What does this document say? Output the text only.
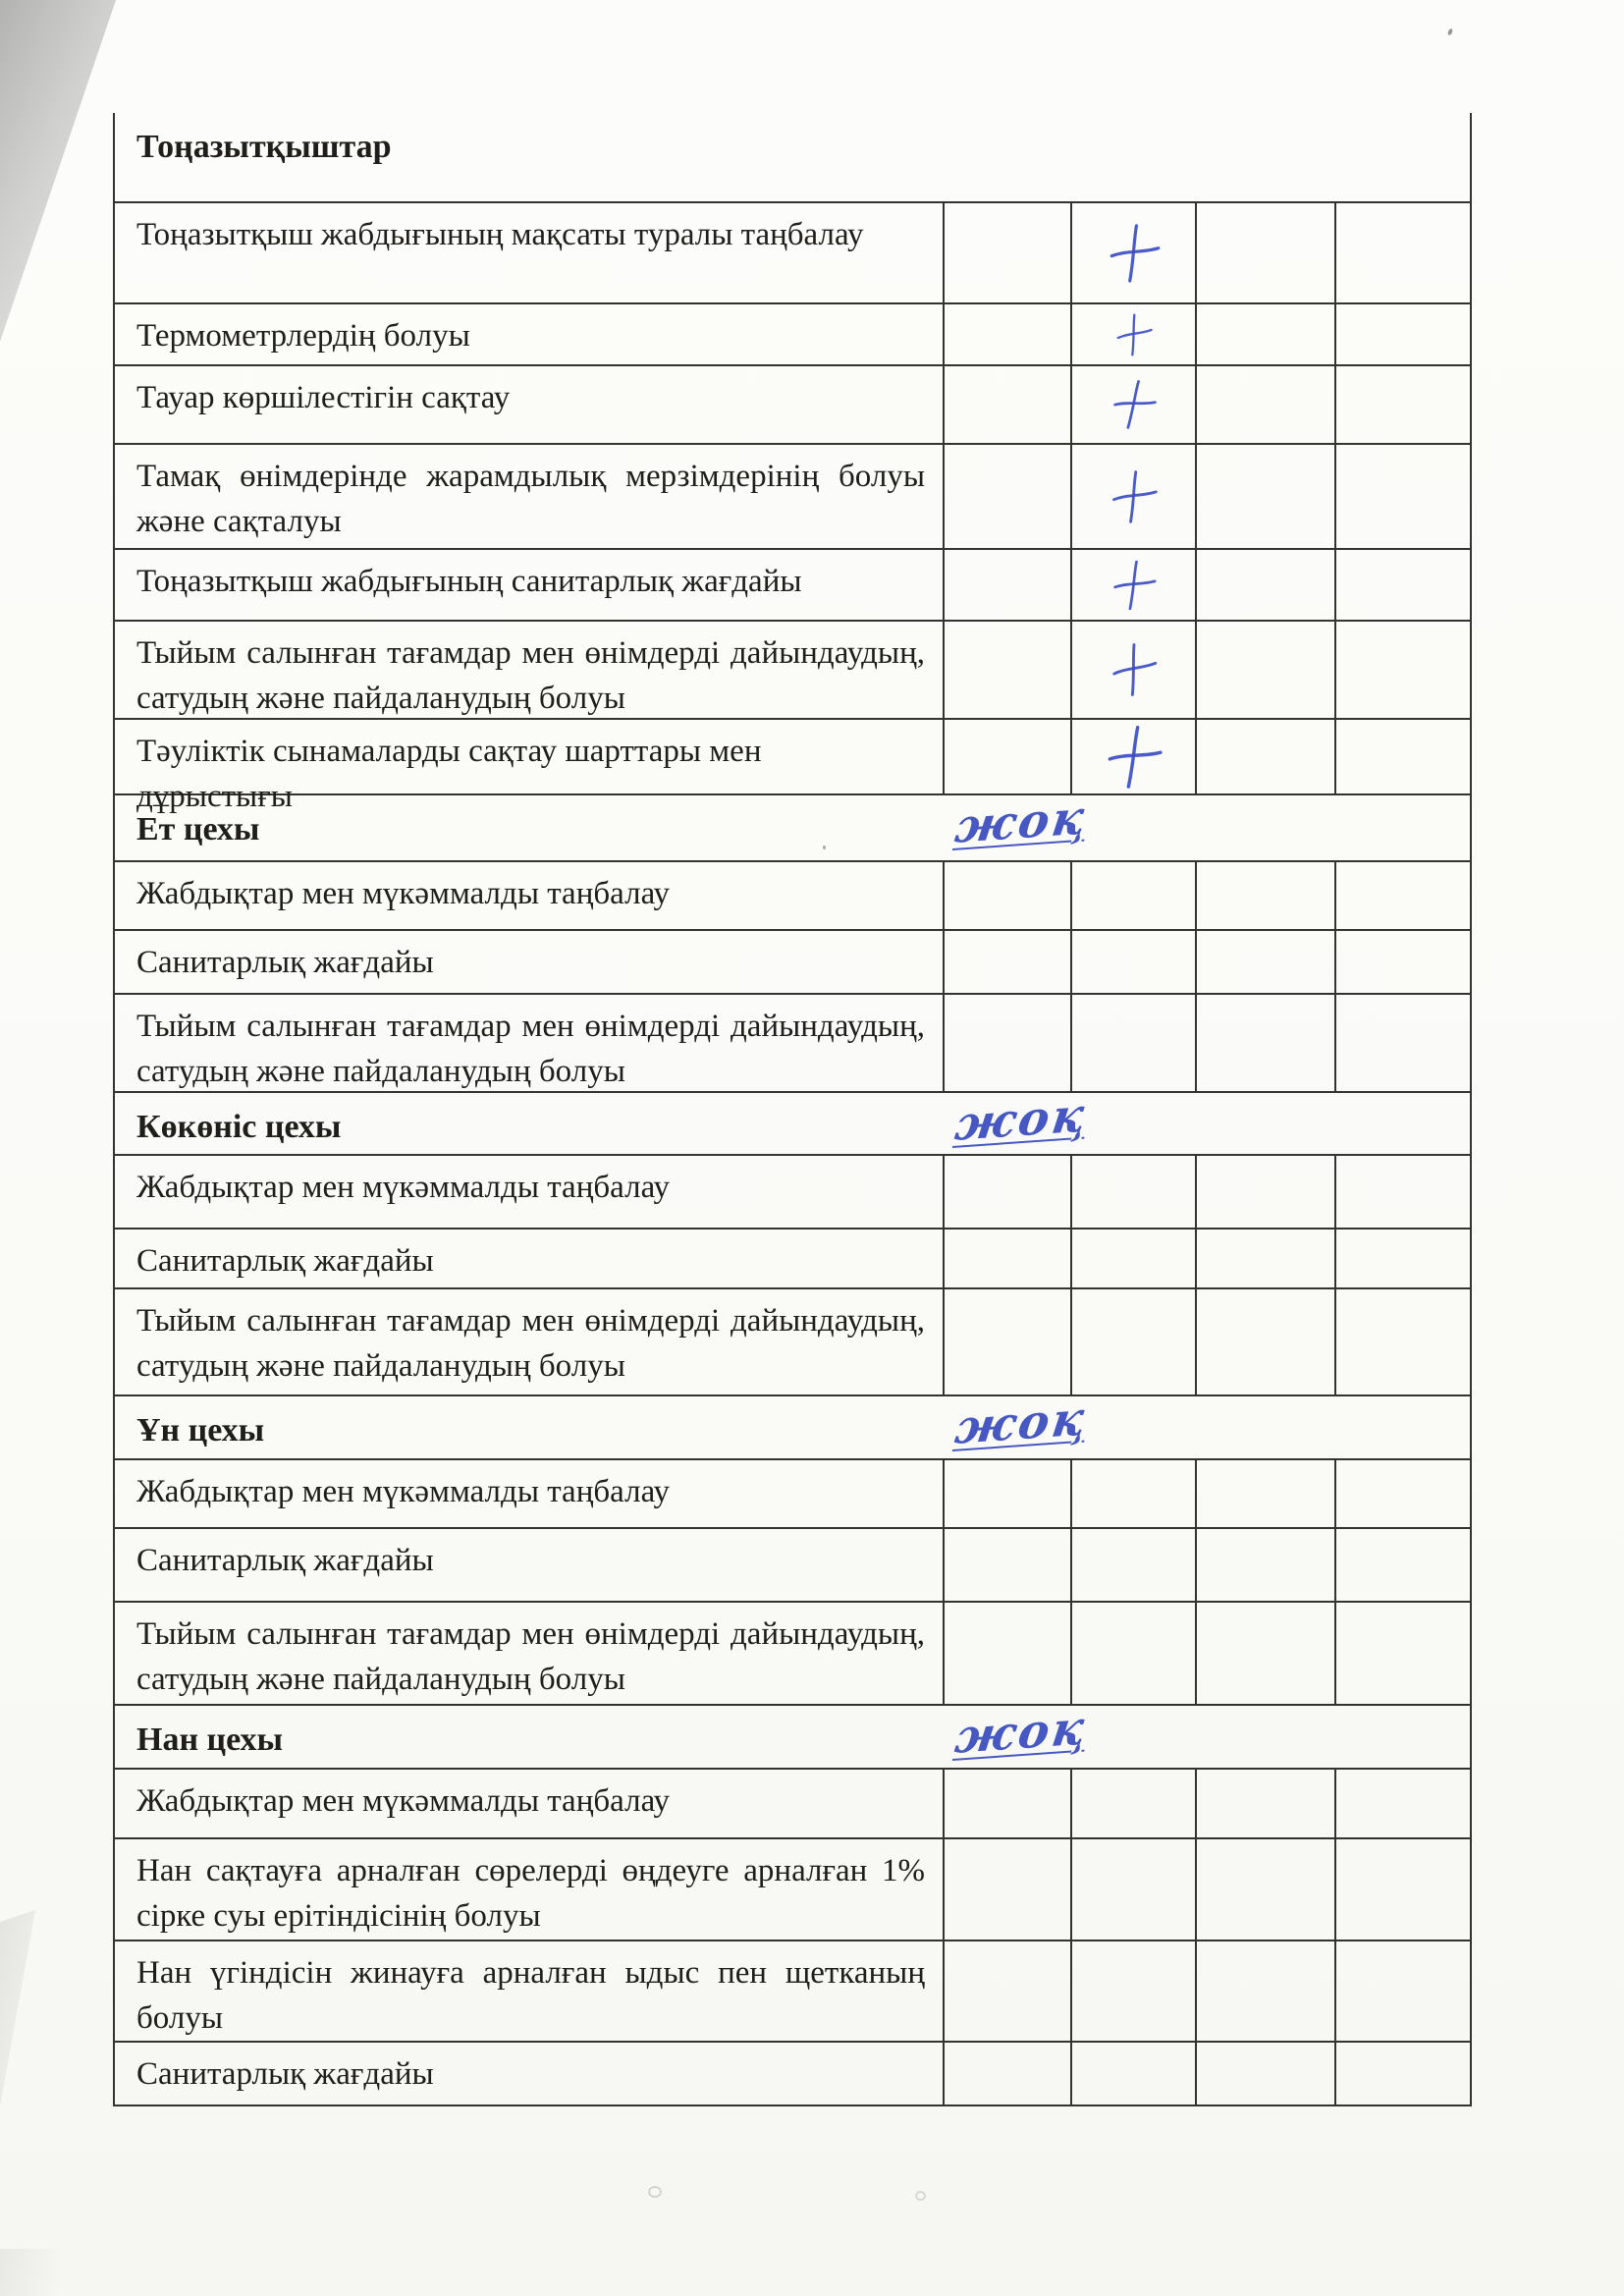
Тоңазытқыштар
Тоңазытқыш жабдығының мақсаты туралы таңбалау
Термометрлердің болуы
Тауар көршілестігін сақтау
Тамақ өнімдерінде жарамдылық мерзімдерінің болуы және сақталуы
Тоңазытқыш жабдығының санитарлық жағдайы
Тыйым салынған тағамдар мен өнімдерді дайындаудың, сатудың және пайдаланудың болуы
Тәуліктік сынамаларды сақтау шарттары мен дұрыстығы
Ет цехы	жоқ
Жабдықтар мен мүкәммалды таңбалау
Санитарлық жағдайы
Тыйым салынған тағамдар мен өнімдерді дайындаудың, сатудың және пайдаланудың болуы
Көкөніс цехы	жоқ
Жабдықтар мен мүкәммалды таңбалау
Санитарлық жағдайы
Тыйым салынған тағамдар мен өнімдерді дайындаудың, сатудың және пайдаланудың болуы
Ұн цехы	жоқ
Жабдықтар мен мүкәммалды таңбалау
Санитарлық жағдайы
Тыйым салынған тағамдар мен өнімдерді дайындаудың, сатудың және пайдаланудың болуы
Нан цехы	жоқ
Жабдықтар мен мүкәммалды таңбалау
Нан сақтауға арналған сөрелерді өңдеуге арналған 1% сірке суы ерітіндісінің болуы
Нан үгіндісін жинауға арналған ыдыс пен щетканың болуы
Санитарлық жағдайы
